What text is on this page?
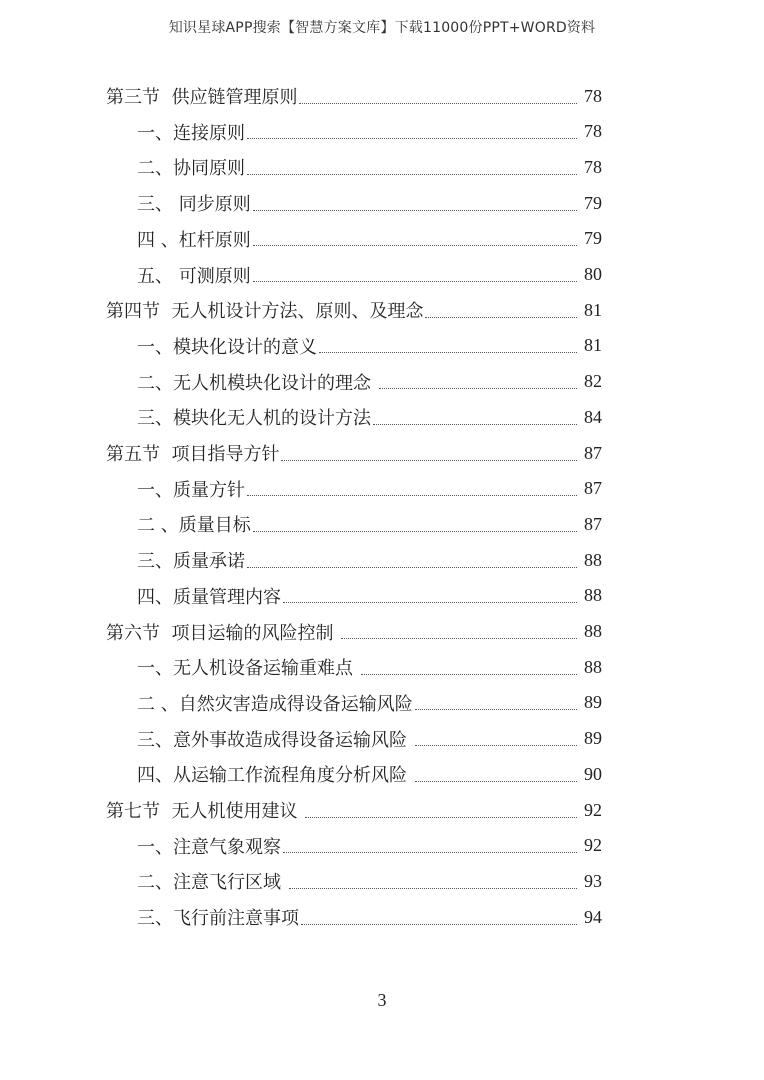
知识星球APP搜索【智慧方案文库】下载11000份PPT+WORD资料
第三节  供应链管理原则	78
一、连接原则	78
二、协同原则	78
三、 同步原则	79
四 、杠杆原则	79
五、 可测原则	80
第四节  无人机设计方法、原则、及理念	81
一、模块化设计的意义	81
二、无人机模块化设计的理念	82
三、模块化无人机的设计方法	84
第五节  项目指导方针	87
一、质量方针	87
二 、质量目标	87
三、质量承诺	88
四、质量管理内容	88
第六节  项目运输的风险控制	88
一、无人机设备运输重难点	88
二 、自然灾害造成得设备运输风险	89
三、意外事故造成得设备运输风险	89
四、从运输工作流程角度分析风险	90
第七节  无人机使用建议	92
一、注意气象观察	92
二、注意飞行区域	93
三、飞行前注意事项	94
3
